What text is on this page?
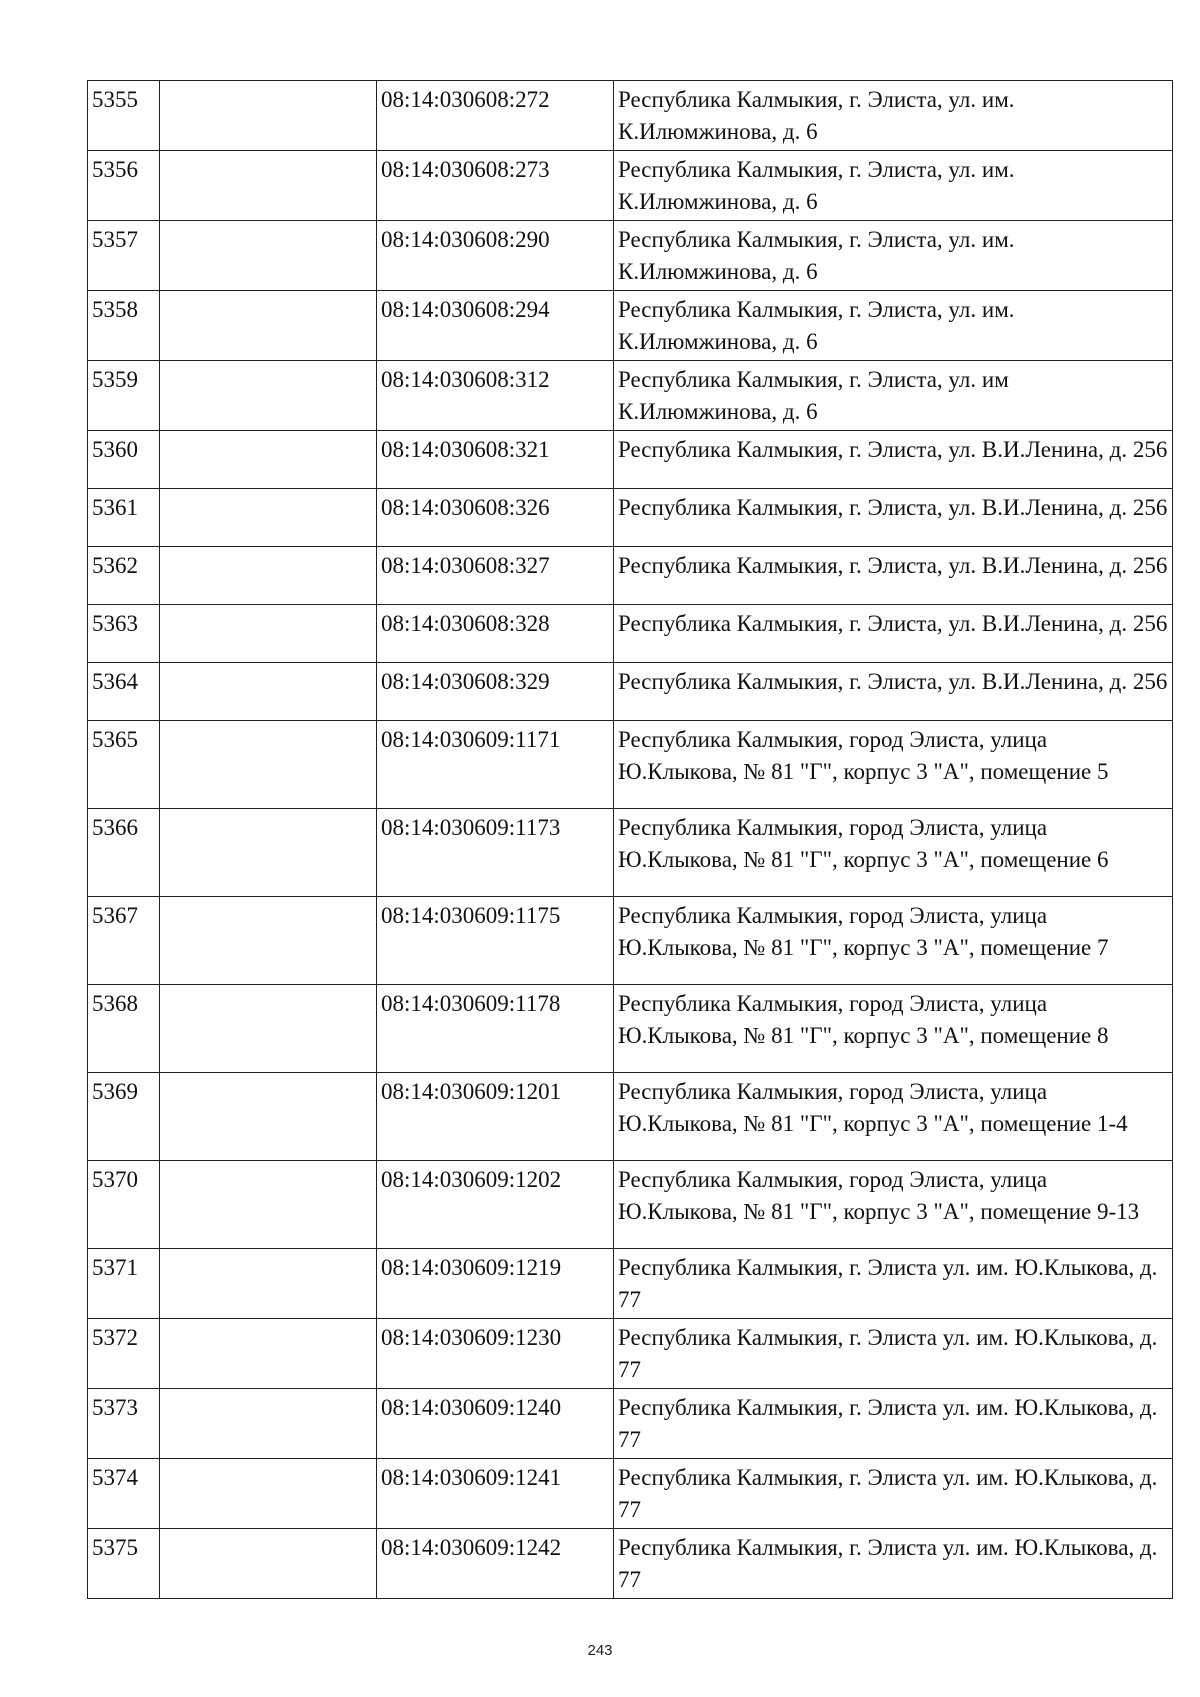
5355		08:14:030608:272	Республика Калмыкия, г. Элиста, ул. им. К.Илюмжинова, д. 6
5356		08:14:030608:273	Республика Калмыкия, г. Элиста, ул. им. К.Илюмжинова, д. 6
5357		08:14:030608:290	Республика Калмыкия, г. Элиста, ул. им. К.Илюмжинова, д. 6
5358		08:14:030608:294	Республика Калмыкия, г. Элиста, ул. им. К.Илюмжинова, д. 6
5359		08:14:030608:312	Республика Калмыкия, г. Элиста, ул. им К.Илюмжинова, д. 6
5360		08:14:030608:321	Республика Калмыкия, г. Элиста, ул. В.И.Ленина, д. 256
5361		08:14:030608:326	Республика Калмыкия, г. Элиста, ул. В.И.Ленина, д. 256
5362		08:14:030608:327	Республика Калмыкия, г. Элиста, ул. В.И.Ленина, д. 256
5363		08:14:030608:328	Республика Калмыкия, г. Элиста, ул. В.И.Ленина, д. 256
5364		08:14:030608:329	Республика Калмыкия, г. Элиста, ул. В.И.Ленина, д. 256
5365		08:14:030609:1171	Республика Калмыкия, город Элиста, улица Ю.Клыкова, № 81 "Г", корпус 3 "А", помещение 5
5366		08:14:030609:1173	Республика Калмыкия, город Элиста, улица Ю.Клыкова, № 81 "Г", корпус 3 "А", помещение 6
5367		08:14:030609:1175	Республика Калмыкия, город Элиста, улица Ю.Клыкова, № 81 "Г", корпус 3 "А", помещение 7
5368		08:14:030609:1178	Республика Калмыкия, город Элиста, улица Ю.Клыкова, № 81 "Г", корпус 3 "А", помещение 8
5369		08:14:030609:1201	Республика Калмыкия, город Элиста, улица Ю.Клыкова, № 81 "Г", корпус 3 "А", помещение 1-4
5370		08:14:030609:1202	Республика Калмыкия, город Элиста, улица Ю.Клыкова, № 81 "Г", корпус 3 "А", помещение 9-13
5371		08:14:030609:1219	Республика Калмыкия, г. Элиста ул. им. Ю.Клыкова, д. 77
5372		08:14:030609:1230	Республика Калмыкия, г. Элиста ул. им. Ю.Клыкова, д. 77
5373		08:14:030609:1240	Республика Калмыкия, г. Элиста ул. им. Ю.Клыкова, д. 77
5374		08:14:030609:1241	Республика Калмыкия, г. Элиста ул. им. Ю.Клыкова, д. 77
5375		08:14:030609:1242	Республика Калмыкия, г. Элиста ул. им. Ю.Клыкова, д. 77
243
